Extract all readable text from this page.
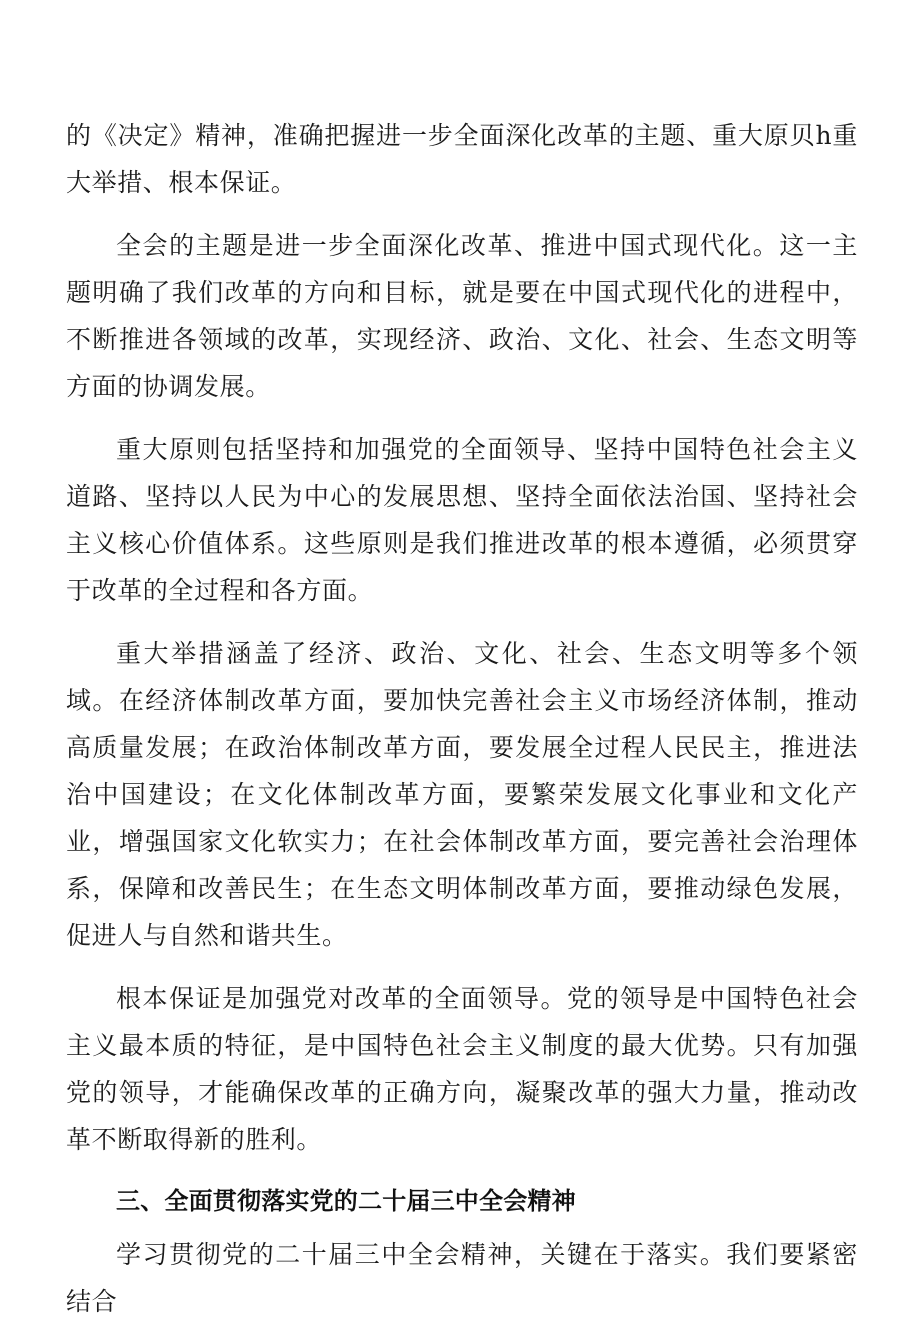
的《决定》精神，准确把握进一步全面深化改革的主题、重大原贝h重大举措、根本保证。

全会的主题是进一步全面深化改革、推进中国式现代化。这一主题明确了我们改革的方向和目标，就是要在中国式现代化的进程中，不断推进各领域的改革，实现经济、政治、文化、社会、生态文明等方面的协调发展。

重大原则包括坚持和加强党的全面领导、坚持中国特色社会主义道路、坚持以人民为中心的发展思想、坚持全面依法治国、坚持社会主义核心价值体系。这些原则是我们推进改革的根本遵循，必须贯穿于改革的全过程和各方面。

重大举措涵盖了经济、政治、文化、社会、生态文明等多个领域。在经济体制改革方面，要加快完善社会主义市场经济体制，推动高质量发展；在政治体制改革方面，要发展全过程人民民主，推进法治中国建设；在文化体制改革方面，要繁荣发展文化事业和文化产业，增强国家文化软实力；在社会体制改革方面，要完善社会治理体系，保障和改善民生；在生态文明体制改革方面，要推动绿色发展，促进人与自然和谐共生。

根本保证是加强党对改革的全面领导。党的领导是中国特色社会主义最本质的特征，是中国特色社会主义制度的最大优势。只有加强党的领导，才能确保改革的正确方向，凝聚改革的强大力量，推动改革不断取得新的胜利。

三、全面贯彻落实党的二十届三中全会精神

学习贯彻党的二十届三中全会精神，关键在于落实。我们要紧密结合
